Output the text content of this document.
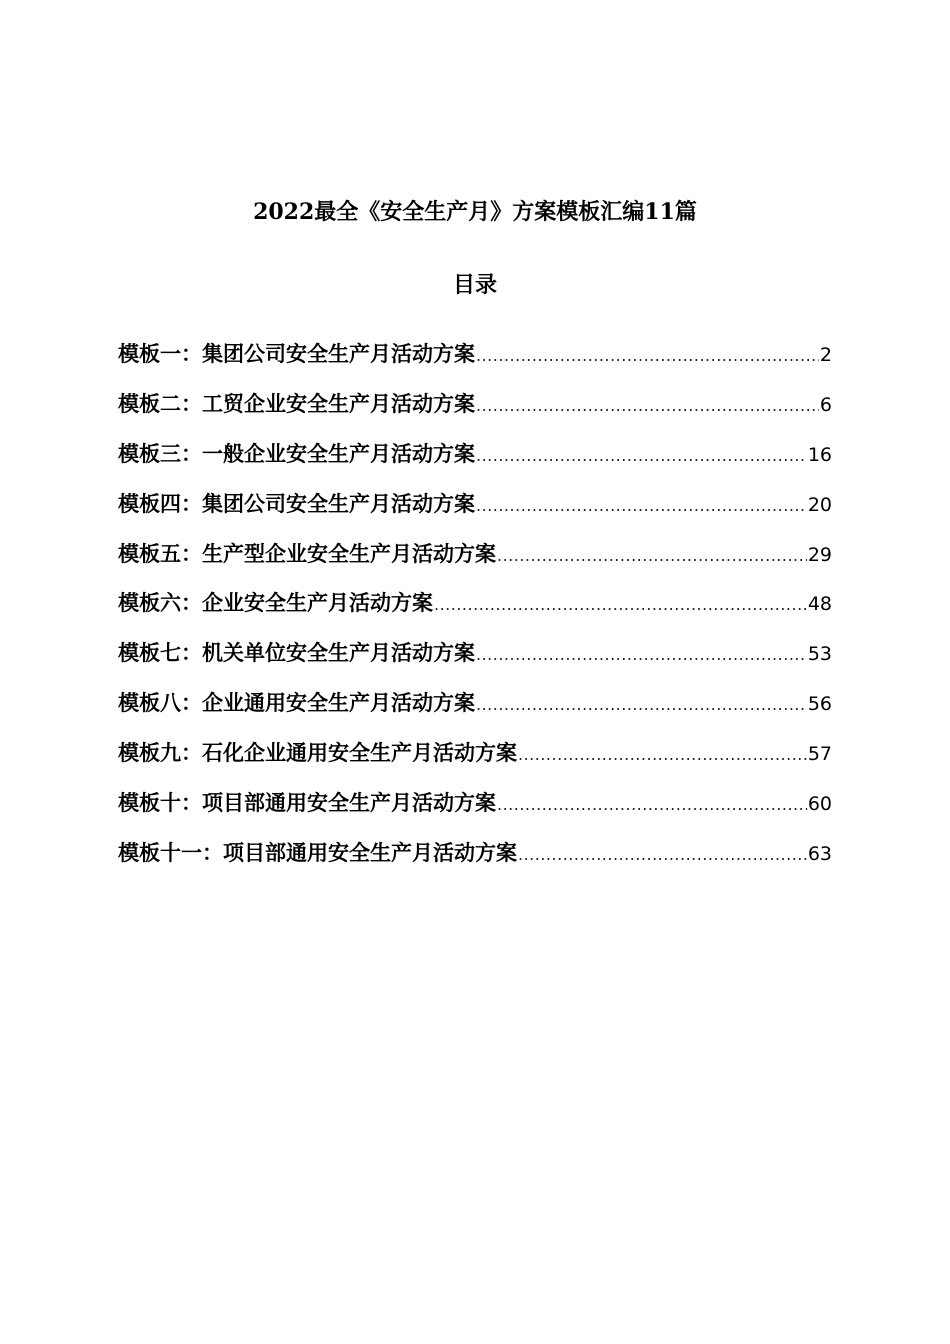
2022最全《安全生产月》方案模板汇编11篇
目录
模板一：集团公司安全生产月活动方案 .....	2
模板二：工贸企业安全生产月活动方案 .....	6
模板三：一般企业安全生产月活动方案 .....	16
模板四：集团公司安全生产月活动方案 .....	20
模板五：生产型企业安全生产月活动方案 .....	29
模板六：企业安全生产月活动方案 .....	48
模板七：机关单位安全生产月活动方案 .....	53
模板八：企业通用安全生产月活动方案 .....	56
模板九：石化企业通用安全生产月活动方案 .....	57
模板十：项目部通用安全生产月活动方案 .....	60
模板十一：项目部通用安全生产月活动方案 .....	63
